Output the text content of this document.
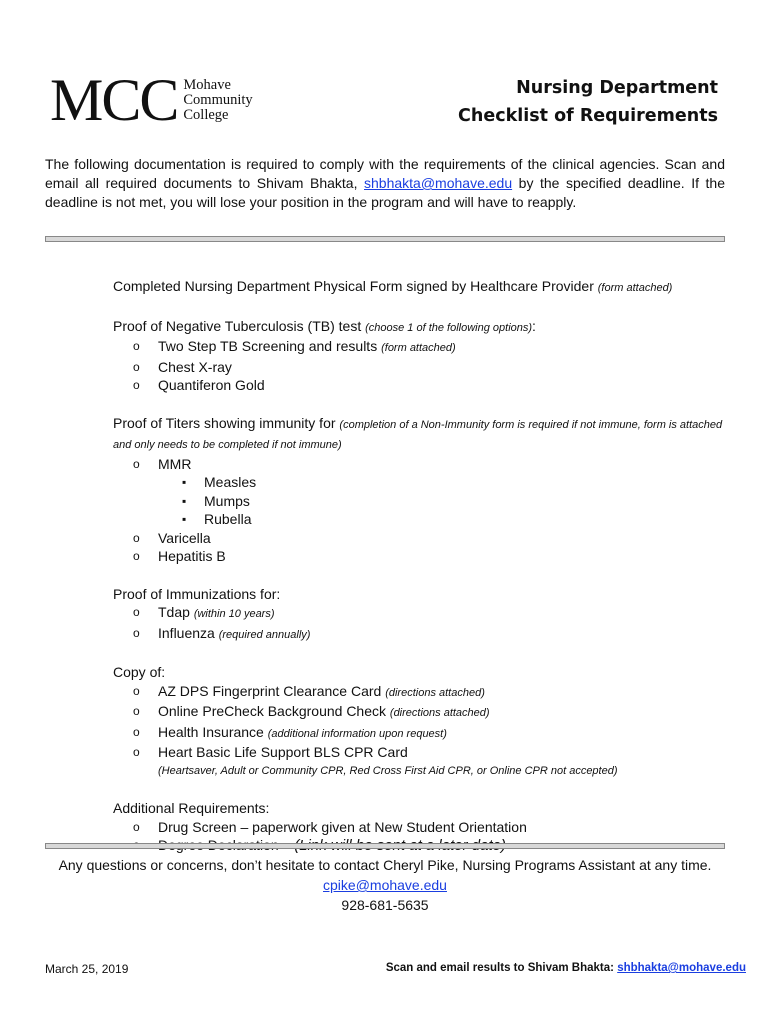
MCC Mohave
Community
College
Nursing Department
Checklist of Requirements
The following documentation is required to comply with the requirements of the clinical agencies. Scan and email all required documents to Shivam Bhakta, shbhakta@mohave.edu by the specified deadline. If the deadline is not met, you will lose your position in the program and will have to reapply.
Completed Nursing Department Physical Form signed by Healthcare Provider (form attached)
Proof of Negative Tuberculosis (TB) test (choose 1 of the following options):
o Two Step TB Screening and results (form attached)
o Chest X-ray
o Quantiferon Gold
Proof of Titers showing immunity for (completion of a Non-Immunity form is required if not immune, form is attached and only needs to be completed if not immune)
o MMR
▪ Measles
▪ Mumps
▪ Rubella
o Varicella
o Hepatitis B
Proof of Immunizations for:
o Tdap (within 10 years)
o Influenza (required annually)
Copy of:
o AZ DPS Fingerprint Clearance Card (directions attached)
o Online PreCheck Background Check (directions attached)
o Health Insurance (additional information upon request)
o Heart Basic Life Support BLS CPR Card
(Heartsaver, Adult or Community CPR, Red Cross First Aid CPR, or Online CPR not accepted)
Additional Requirements:
o Drug Screen – paperwork given at New Student Orientation
o
Any questions or concerns, don’t hesitate to contact Cheryl Pike, Nursing Programs Assistant at any time.
cpike@mohave.edu
928-681-5635
March 25, 2019	Scan and email results to Shivam Bhakta: shbhakta@mohave.edu
